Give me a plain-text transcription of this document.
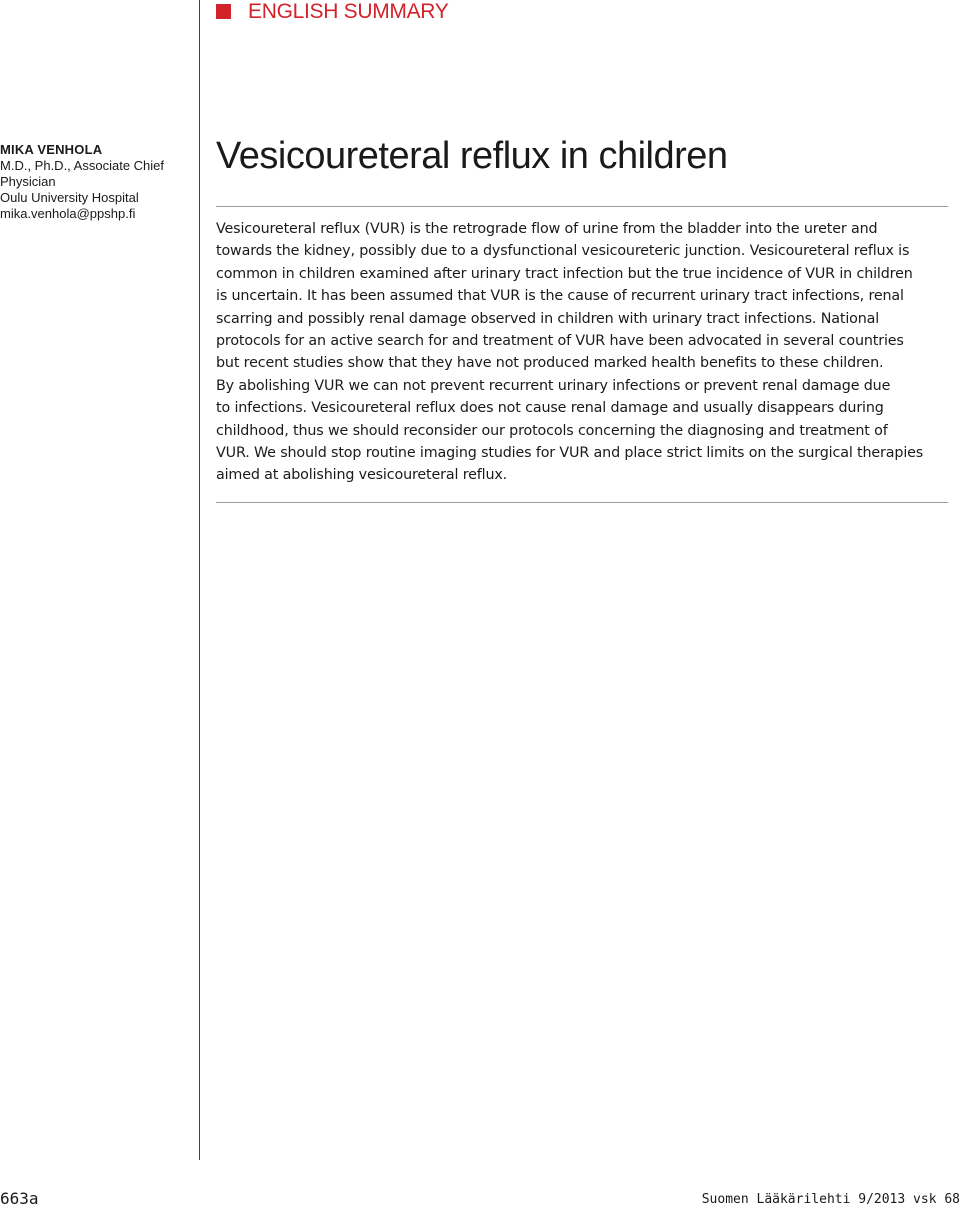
ENGLISH SUMMARY
MIKA VENHOLA
M.D., Ph.D., Associate Chief
Physician
Oulu University Hospital
mika.venhola@ppshp.fi
Vesicoureteral reflux in children
Vesicoureteral reflux (VUR) is the retrograde flow of urine from the bladder into the ureter and
towards the kidney, possibly due to a dysfunctional vesicoureteric junction. Vesicoureteral reflux is
common in children examined after urinary tract infection but the true incidence of VUR in children
is uncertain. It has been assumed that VUR is the cause of recurrent urinary tract infections, renal
scarring and possibly renal damage observed in children with urinary tract infections. National
protocols for an active search for and treatment of VUR have been advocated in several countries
but recent studies show that they have not produced marked health benefits to these children.
By abolishing VUR we can not prevent recurrent urinary infections or prevent renal damage due
to infections. Vesicoureteral reflux does not cause renal damage and usually disappears during
childhood, thus we should reconsider our protocols concerning the diagnosing and treatment of
VUR. We should stop routine imaging studies for VUR and place strict limits on the surgical therapies
aimed at abolishing vesicoureteral reflux.
663a	Suomen Lääkärilehti 9/2013 vsk 68
